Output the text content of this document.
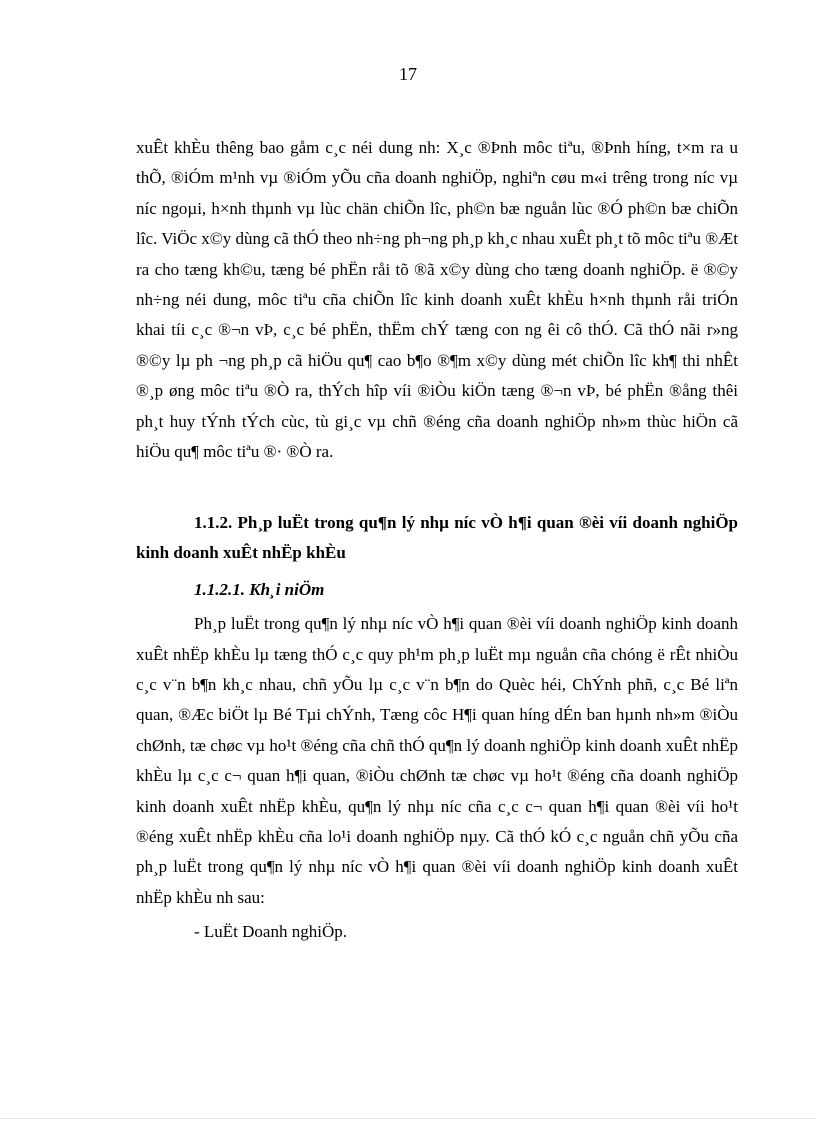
17

xuÊt khÈu thêng bao gåm c¸c néi dung nh: X¸c ®Þnh môc tiªu, ®Þnh híng, t×m ra u thÕ, ®iÓm m¹nh vµ ®iÓm yÕu cña doanh nghiÖp, nghiªn cøu m«i trêng trong níc vµ níc ngoµi, h×nh thµnh vµ lùc chän chiÕn lîc, ph©n bæ nguån lùc ®Ó ph©n bæ chiÕn lîc. ViÖc x©y dùng cã thÓ theo nh÷ng ph¬ng ph¸p kh¸c nhau xuÊt ph¸t tõ môc tiªu ®Æt ra cho tæng kh©u, tæng bé phËn råi tõ ®ã x©y dùng cho tæng doanh nghiÖp. ë ®©y nh÷ng néi dung, môc tiªu cña chiÕn lîc kinh doanh xuÊt khÈu h×nh thµnh råi triÓn khai tíi c¸c ®¬n vÞ, c¸c bé phËn, thËm chÝ tæng con ng êi cô thÓ. Cã thÓ nãi r»ng ®©y lµ ph ¬ng ph¸p cã hiÖu qu¶ cao b¶o ®¶m x©y dùng mét chiÕn lîc kh¶ thi nhÊt ®¸p øng môc tiªu ®Ò ra, thÝch hîp víi ®iÒu kiÖn tæng ®¬n vÞ, bé phËn ®ång thêi ph¸t huy tÝnh tÝch cùc, tù gi¸c vµ chñ ®éng cña doanh nghiÖp nh»m thùc hiÖn cã hiÖu qu¶ môc tiªu ®· ®Ò ra.

1.1.2. Ph¸p luËt trong qu¶n lý nhµ níc vÒ h¶i quan ®èi víi doanh nghiÖp kinh doanh xuÊt nhËp khÈu

1.1.2.1. Kh¸i niÖm

Ph¸p luËt trong qu¶n lý nhµ níc vÒ h¶i quan ®èi víi doanh nghiÖp kinh doanh xuÊt nhËp khÈu lµ tæng thÓ c¸c quy ph¹m ph¸p luËt mµ nguån cña chóng ë rÊt nhiÒu c¸c v¨n b¶n kh¸c nhau, chñ yÕu lµ c¸c v¨n b¶n do Quèc héi, ChÝnh phñ, c¸c Bé liªn quan, ®Æc biÖt lµ Bé Tµi chÝnh, Tæng côc H¶i quan híng dÉn ban hµnh nh»m ®iÒu chØnh, tæ chøc vµ ho¹t ®éng cña chñ thÓ qu¶n lý doanh nghiÖp kinh doanh xuÊt nhËp khÈu lµ c¸c c¬ quan h¶i quan, ®iÒu chØnh tæ chøc vµ ho¹t ®éng cña doanh nghiÖp kinh doanh xuÊt nhËp khÈu, qu¶n lý nhµ níc cña c¸c c¬ quan h¶i quan ®èi víi ho¹t ®éng xuÊt nhËp khÈu cña lo¹i doanh nghiÖp nµy. Cã thÓ kÓ c¸c nguån chñ yÕu cña ph¸p luËt trong qu¶n lý nhµ níc vÒ h¶i quan ®èi víi doanh nghiÖp kinh doanh xuÊt nhËp khÈu nh sau:

- LuËt Doanh nghiÖp.
